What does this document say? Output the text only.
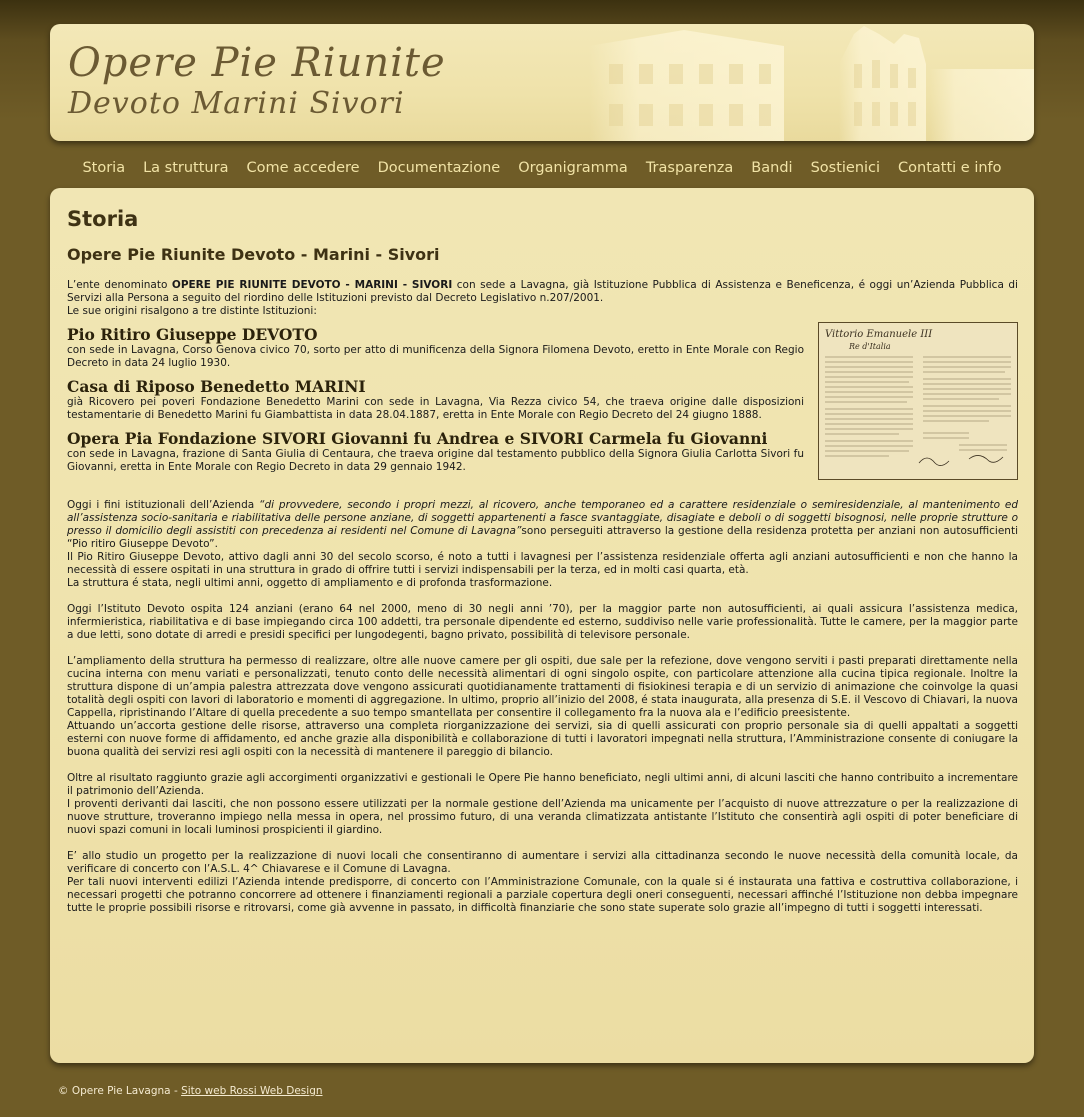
Opere Pie Riunite
Devoto Marini Sivori
Storia La struttura Come accedere Documentazione Organigramma Trasparenza Bandi Sostienici Contatti e info
Storia
Opere Pie Riunite Devoto - Marini - Sivori

L’ente denominato OPERE PIE RIUNITE DEVOTO - MARINI - SIVORI con sede a Lavagna, già Istituzione Pubblica di Assistenza e Beneficenza, é oggi un’Azienda Pubblica di Servizi alla Persona a seguito del riordino delle Istituzioni previsto dal Decreto Legislativo n.207/2001.
Le sue origini risalgono a tre distinte Istituzioni:

Vittorio Emanuele III
Re d'Italia
Pio Ritiro Giuseppe DEVOTO

con sede in Lavagna, Corso Genova civico 70, sorto per atto di munificenza della Signora Filomena Devoto, eretto in Ente Morale con Regio Decreto in data 24 luglio 1930.

Casa di Riposo Benedetto MARINI

già Ricovero pei poveri Fondazione Benedetto Marini con sede in Lavagna, Via Rezza civico 54, che traeva origine dalle disposizioni testamentarie di Benedetto Marini fu Giambattista in data 28.04.1887, eretta in Ente Morale con Regio Decreto del 24 giugno 1888.

Opera Pia Fondazione SIVORI Giovanni fu Andrea e SIVORI Carmela fu Giovanni

con sede in Lavagna, frazione di Santa Giulia di Centaura, che traeva origine dal testamento pubblico della Signora Giulia Carlotta Sivori fu Giovanni, eretta in Ente Morale con Regio Decreto in data 29 gennaio 1942.

Oggi i fini istituzionali dell’Azienda “di provvedere, secondo i propri mezzi, al ricovero, anche temporaneo ed a carattere residenziale o semiresidenziale, al mantenimento ed all’assistenza socio-sanitaria e riabilitativa delle persone anziane, di soggetti appartenenti a fasce svantaggiate, disagiate e deboli o di soggetti bisognosi, nelle proprie strutture o presso il domicilio degli assistiti con precedenza ai residenti nel Comune di Lavagna”sono perseguiti attraverso la gestione della residenza protetta per anziani non autosufficienti “Pio ritiro Giuseppe Devoto”.
Il Pio Ritiro Giuseppe Devoto, attivo dagli anni 30 del secolo scorso, é noto a tutti i lavagnesi per l’assistenza residenziale offerta agli anziani autosufficienti e non che hanno la necessità di essere ospitati in una struttura in grado di offrire tutti i servizi indispensabili per la terza, ed in molti casi quarta, età.
La struttura é stata, negli ultimi anni, oggetto di ampliamento e di profonda trasformazione.

Oggi l’Istituto Devoto ospita 124 anziani (erano 64 nel 2000, meno di 30 negli anni ’70), per la maggior parte non autosufficienti, ai quali assicura l’assistenza medica, infermieristica, riabilitativa e di base impiegando circa 100 addetti, tra personale dipendente ed esterno, suddiviso nelle varie professionalità. Tutte le camere, per la maggior parte a due letti, sono dotate di arredi e presidi specifici per lungodegenti, bagno privato, possibilità di televisore personale.

L’ampliamento della struttura ha permesso di realizzare, oltre alle nuove camere per gli ospiti, due sale per la refezione, dove vengono serviti i pasti preparati direttamente nella cucina interna con menu variati e personalizzati, tenuto conto delle necessità alimentari di ogni singolo ospite, con particolare attenzione alla cucina tipica regionale. Inoltre la struttura dispone di un’ampia palestra attrezzata dove vengono assicurati quotidianamente trattamenti di fisiokinesi terapia e di un servizio di animazione che coinvolge la quasi totalità degli ospiti con lavori di laboratorio e momenti di aggregazione. In ultimo, proprio all’inizio del 2008, é stata inaugurata, alla presenza di S.E. il Vescovo di Chiavari, la nuova Cappella, ripristinando l’Altare di quella precedente a suo tempo smantellata per consentire il collegamento fra la nuova ala e l’edificio preesistente.
Attuando un’accorta gestione delle risorse, attraverso una completa riorganizzazione dei servizi, sia di quelli assicurati con proprio personale sia di quelli appaltati a soggetti esterni con nuove forme di affidamento, ed anche grazie alla disponibilità e collaborazione di tutti i lavoratori impegnati nella struttura, l’Amministrazione consente di coniugare la buona qualità dei servizi resi agli ospiti con la necessità di mantenere il pareggio di bilancio.

Oltre al risultato raggiunto grazie agli accorgimenti organizzativi e gestionali le Opere Pie hanno beneficiato, negli ultimi anni, di alcuni lasciti che hanno contribuito a incrementare il patrimonio dell’Azienda.
I proventi derivanti dai lasciti, che non possono essere utilizzati per la normale gestione dell’Azienda ma unicamente per l’acquisto di nuove attrezzature o per la realizzazione di nuove strutture, troveranno impiego nella messa in opera, nel prossimo futuro, di una veranda climatizzata antistante l’Istituto che consentirà agli ospiti di poter beneficiare di nuovi spazi comuni in locali luminosi prospicienti il giardino.

E’ allo studio un progetto per la realizzazione di nuovi locali che consentiranno di aumentare i servizi alla cittadinanza secondo le nuove necessità della comunità locale, da verificare di concerto con l’A.S.L. 4^ Chiavarese e il Comune di Lavagna.
Per tali nuovi interventi edilizi l’Azienda intende predisporre, di concerto con l’Amministrazione Comunale, con la quale si é instaurata una fattiva e costruttiva collaborazione, i necessari progetti che potranno concorrere ad ottenere i finanziamenti regionali a parziale copertura degli oneri conseguenti, necessari affinché l’Istituzione non debba impegnare tutte le proprie possibili risorse e ritrovarsi, come già avvenne in passato, in difficoltà finanziarie che sono state superate solo grazie all’impegno di tutti i soggetti interessati.

© Opere Pie Lavagna - Sito web Rossi Web Design
